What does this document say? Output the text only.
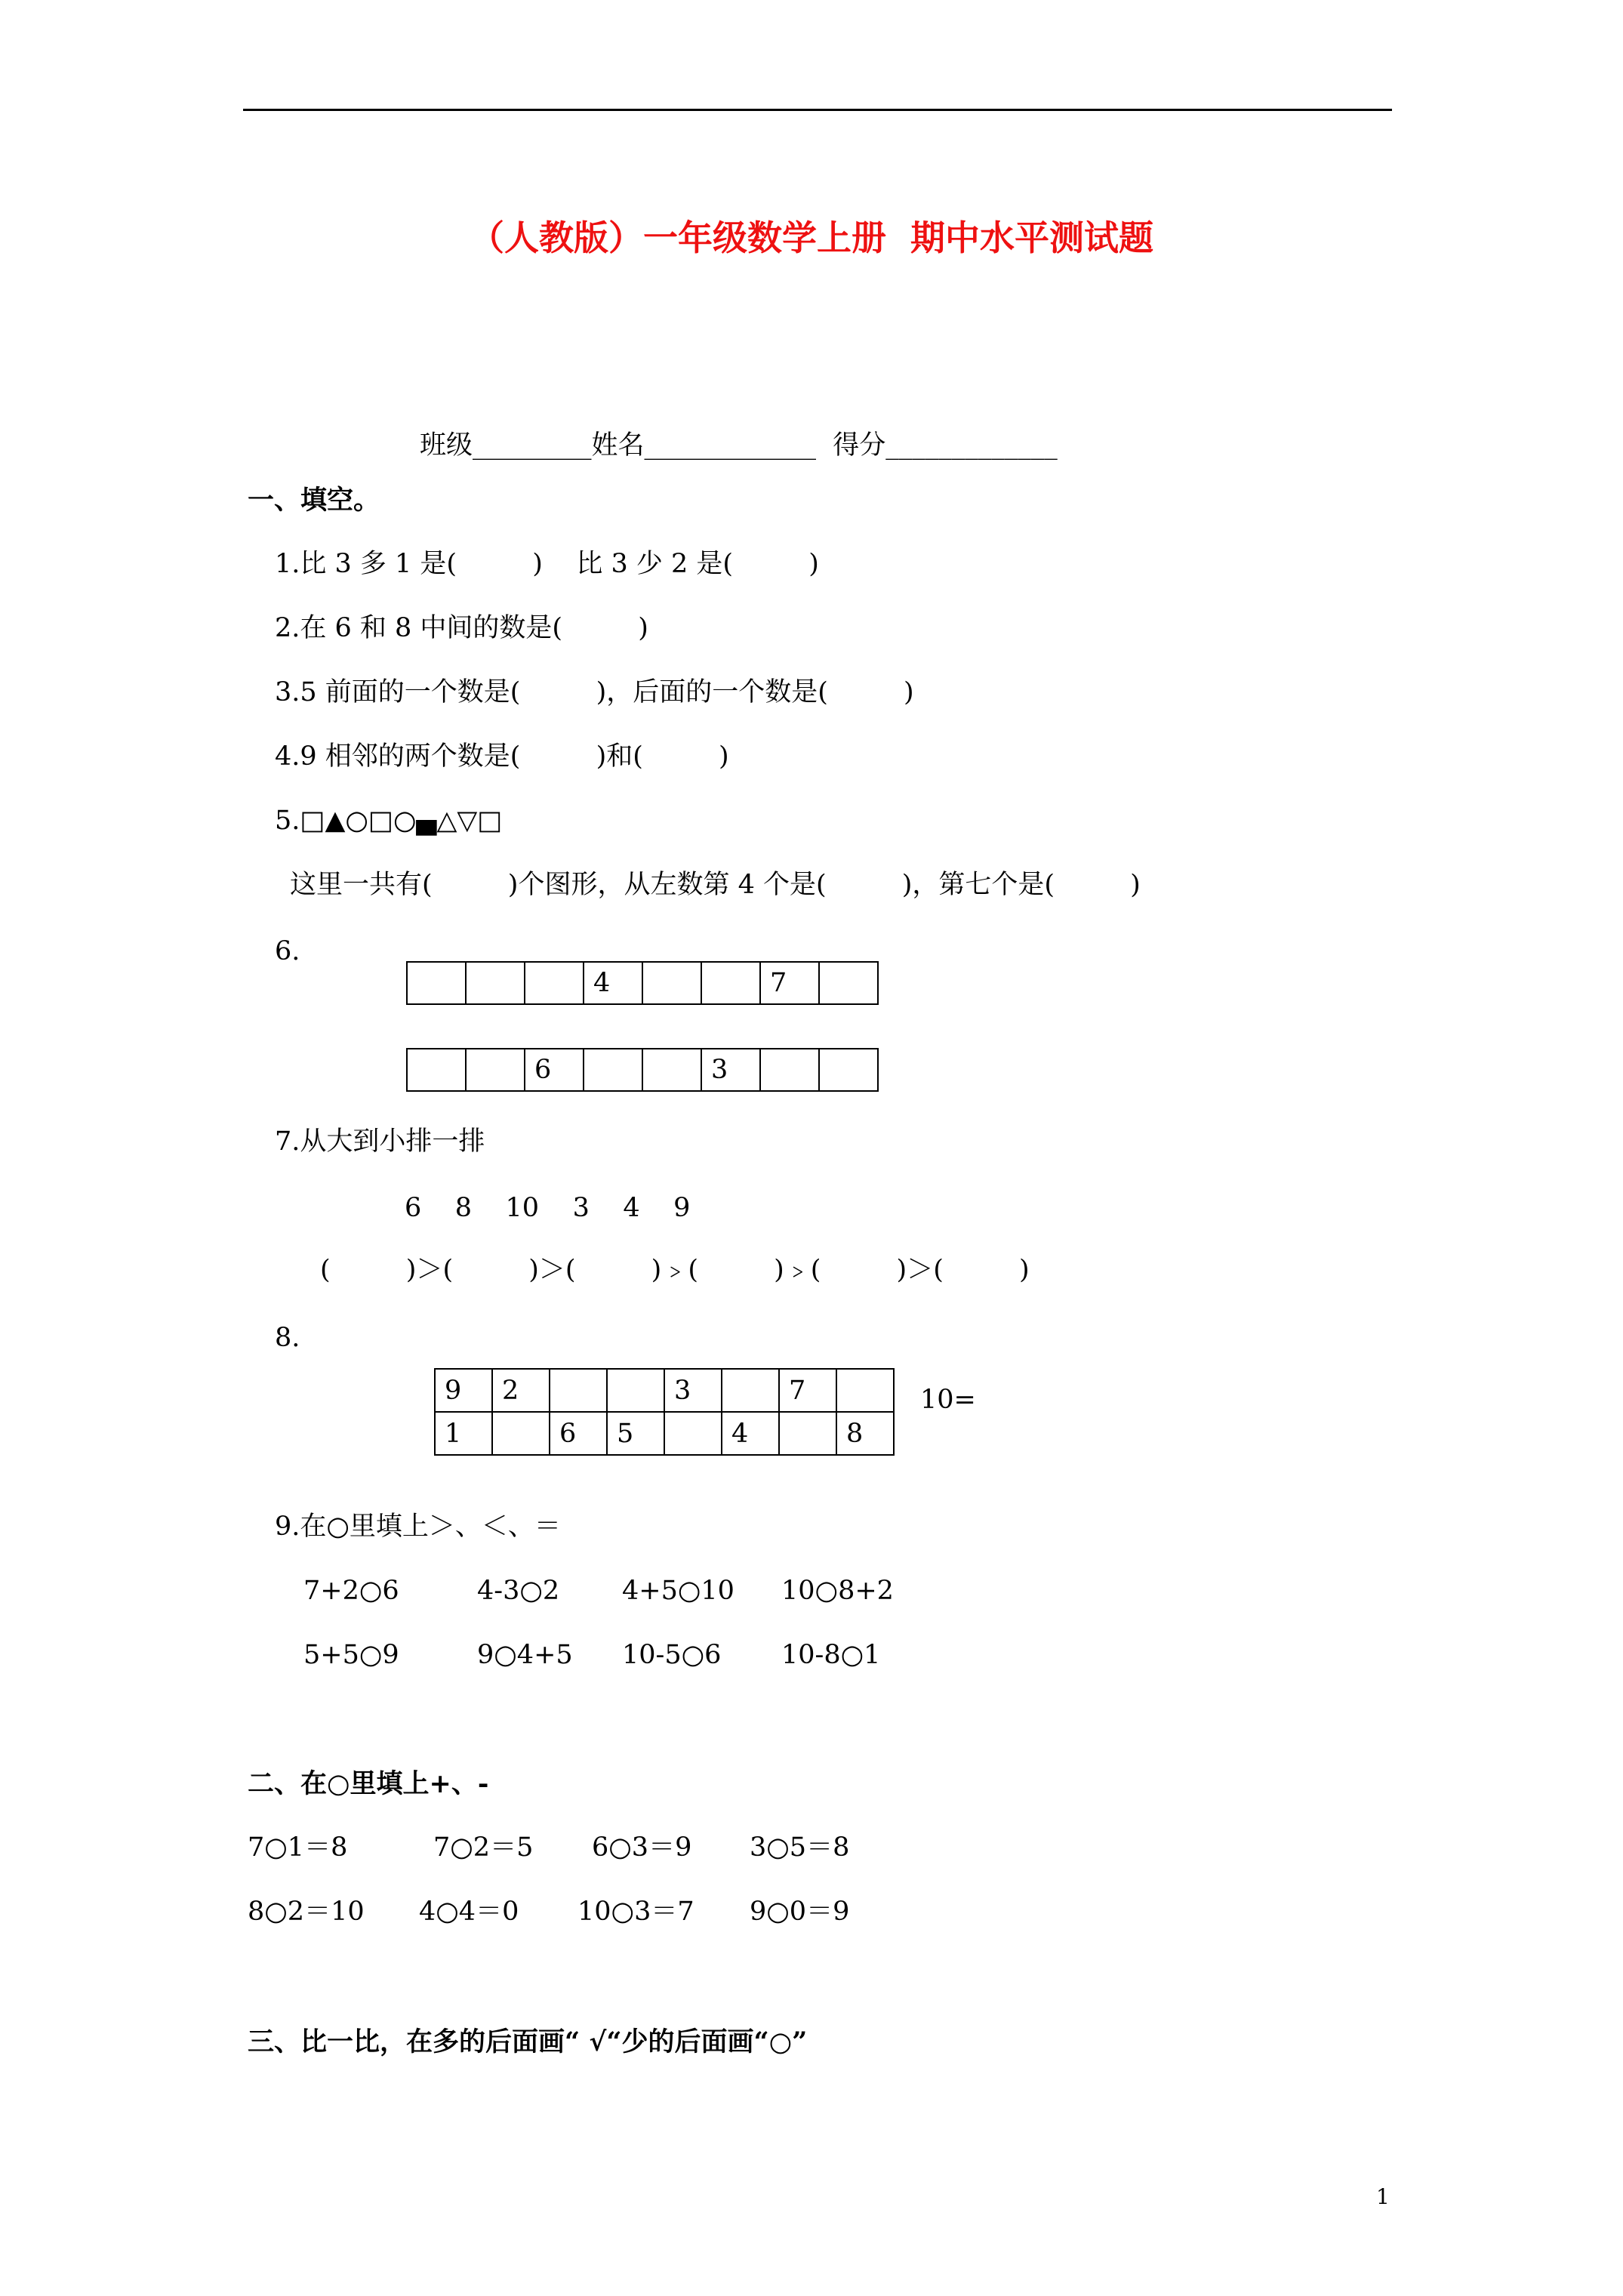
（人教版）一年级数学上册  期中水平测试题
班级_________姓名_____________  得分_____________
一、填空。
1.比 3 多 1 是(         )    比 3 少 2 是(         )
2.在 6 和 8 中间的数是(         )
3.5 前面的一个数是(         )，后面的一个数是(         )
4.9 相邻的两个数是(         )和(         )
5.□▲○□○▄△▽□
这里一共有(         )个图形，从左数第 4 个是(         )，第七个是(         )
6.
			4			7	
		6			3		
7.从大到小排一排
6    8    10    3    4    9
(         )＞(         )＞(         )﹥(         )﹥(         )＞(         )
8.
9	2			3		7	
1		6	5		4		8
10=
9.在○里填上＞、＜、＝
7+2○6	4-3○2 4+5○10 10○8+2
5+5○9	9○4+5 10-5○6 10-8○1
二、在○里填上+、-
7○1＝8	7○2＝5 6○3＝9 3○5＝8
8○2＝10 4○4＝0 10○3＝7 9○0＝9
三、比一比，在多的后面画“ √“少的后面画“○”
1
